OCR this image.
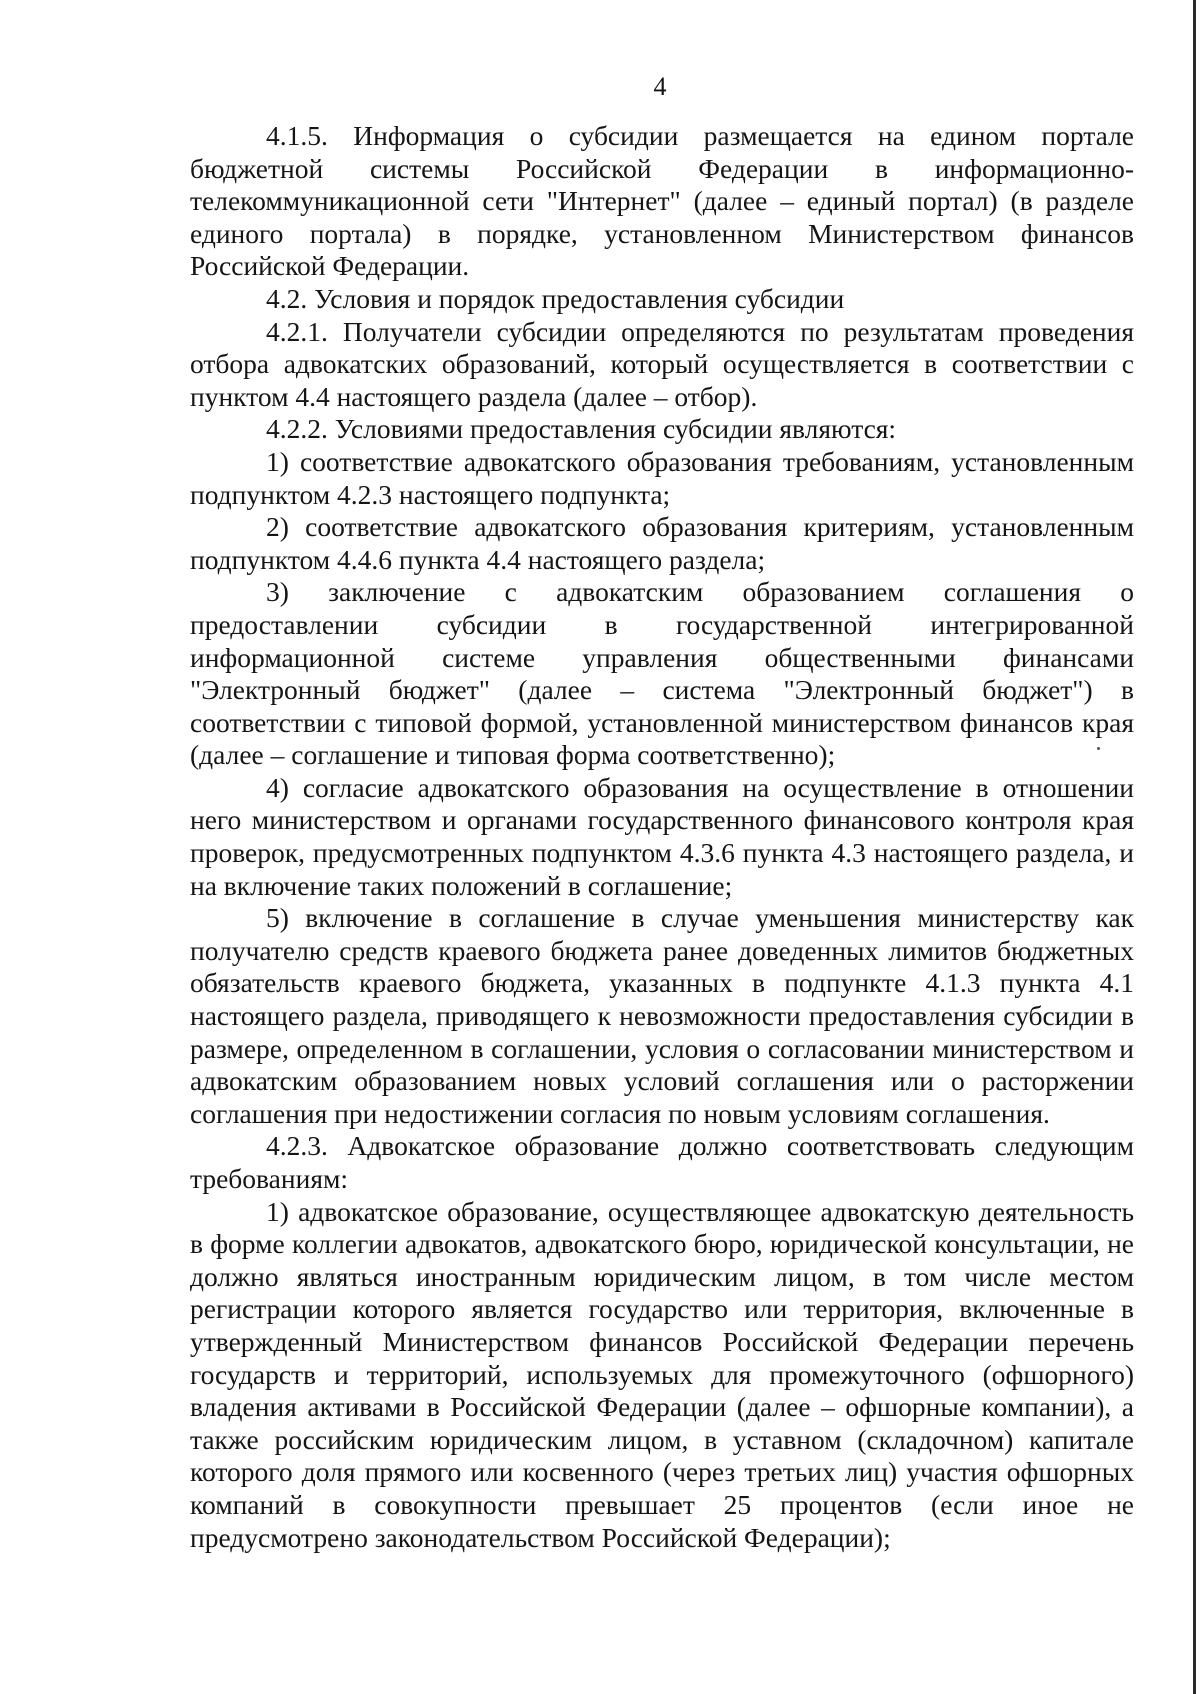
4

4.1.5. Информация о субсидии размещается на едином портале бюджетной системы Российской Федерации в информационно-телекоммуникационной сети "Интернет" (далее – единый портал) (в разделе единого портала) в порядке, установленном Министерством финансов Российской Федерации.

4.2. Условия и порядок предоставления субсидии

4.2.1. Получатели субсидии определяются по результатам проведения отбора адвокатских образований, который осуществляется в соответствии с пунктом 4.4 настоящего раздела (далее – отбор).

4.2.2. Условиями предоставления субсидии являются:

1) соответствие адвокатского образования требованиям, установленным подпунктом 4.2.3 настоящего подпункта;

2) соответствие адвокатского образования критериям, установленным подпунктом 4.4.6 пункта 4.4 настоящего раздела;

3) заключение с адвокатским образованием соглашения о предоставлении субсидии в государственной интегрированной информационной системе управления общественными финансами "Электронный бюджет" (далее – система "Электронный бюджет") в соответствии с типовой формой, установленной министерством финансов края (далее – соглашение и типовая форма соответственно);

4) согласие адвокатского образования на осуществление в отношении него министерством и органами государственного финансового контроля края проверок, предусмотренных подпунктом 4.3.6 пункта 4.3 настоящего раздела, и на включение таких положений в соглашение;

5) включение в соглашение в случае уменьшения министерству как получателю средств краевого бюджета ранее доведенных лимитов бюджетных обязательств краевого бюджета, указанных в подпункте 4.1.3 пункта 4.1 настоящего раздела, приводящего к невозможности предоставления субсидии в размере, определенном в соглашении, условия о согласовании министерством и адвокатским образованием новых условий соглашения или о расторжении соглашения при недостижении согласия по новым условиям соглашения.

4.2.3. Адвокатское образование должно соответствовать следующим требованиям:

1) адвокатское образование, осуществляющее адвокатскую деятельность в форме коллегии адвокатов, адвокатского бюро, юридической консультации, не должно являться иностранным юридическим лицом, в том числе местом регистрации которого является государство или территория, включенные в утвержденный Министерством финансов Российской Федерации перечень государств и территорий, используемых для промежуточного (офшорного) владения активами в Российской Федерации (далее – офшорные компании), а также российским юридическим лицом, в уставном (складочном) капитале которого доля прямого или косвенного (через третьих лиц) участия офшорных компаний в совокупности превышает 25 процентов (если иное не предусмотрено законодательством Российской Федерации);
